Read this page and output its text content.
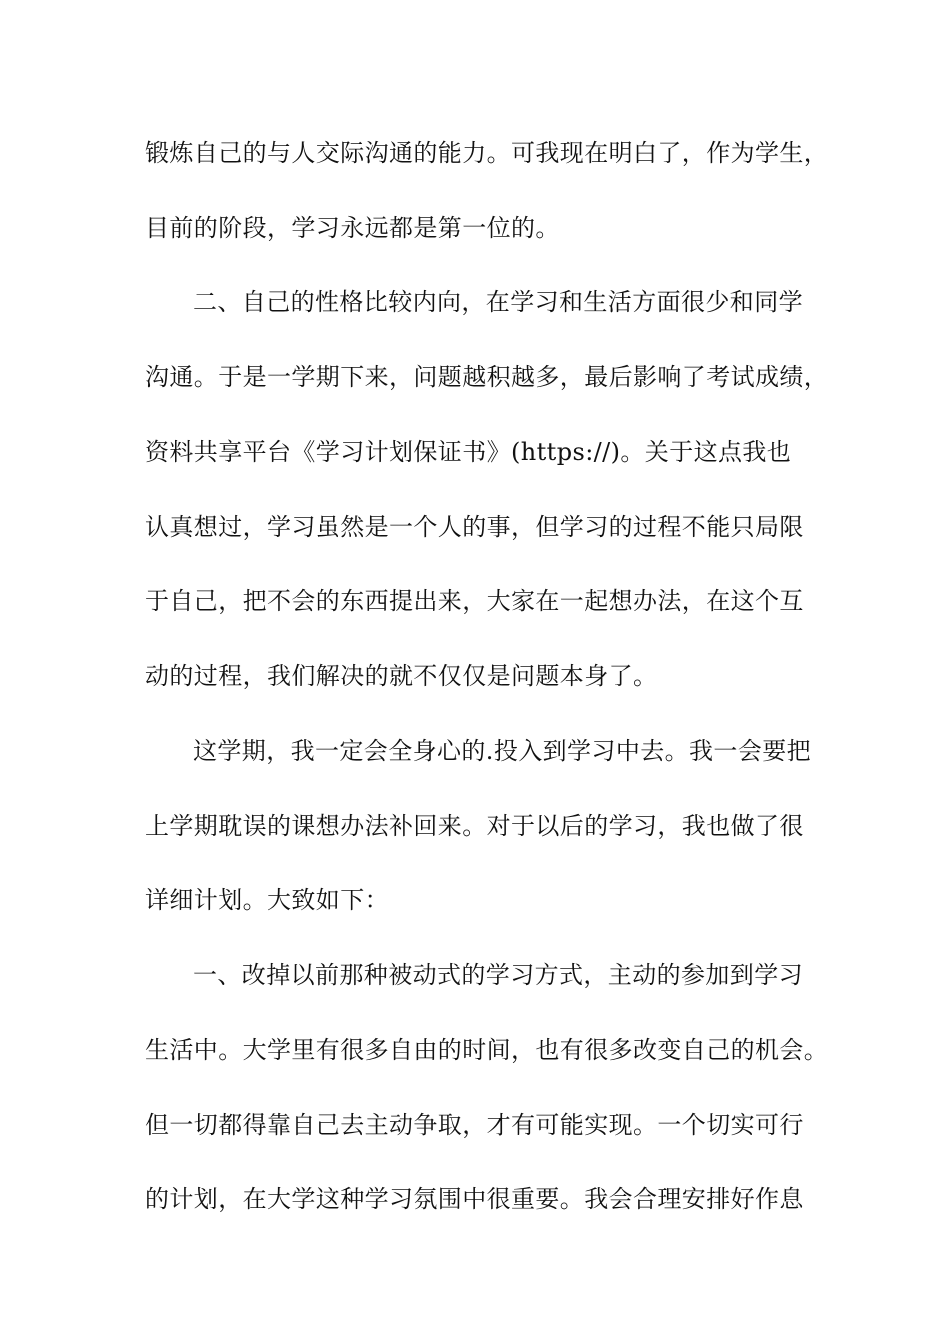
锻炼自己的与人交际沟通的能力。可我现在明白了，作为学生，
目前的阶段，学习永远都是第一位的。
二、自己的性格比较内向，在学习和生活方面很少和同学
沟通。于是一学期下来，问题越积越多，最后影响了考试成绩，
资料共享平台《学习计划保证书》(https://)。关于这点我也
认真想过，学习虽然是一个人的事，但学习的过程不能只局限
于自己，把不会的东西提出来，大家在一起想办法，在这个互
动的过程，我们解决的就不仅仅是问题本身了。
这学期，我一定会全身心的.投入到学习中去。我一会要把
上学期耽误的课想办法补回来。对于以后的学习，我也做了很
详细计划。大致如下：
一、改掉以前那种被动式的学习方式，主动的参加到学习
生活中。大学里有很多自由的时间，也有很多改变自己的机会。
但一切都得靠自己去主动争取，才有可能实现。一个切实可行
的计划，在大学这种学习氛围中很重要。我会合理安排好作息
